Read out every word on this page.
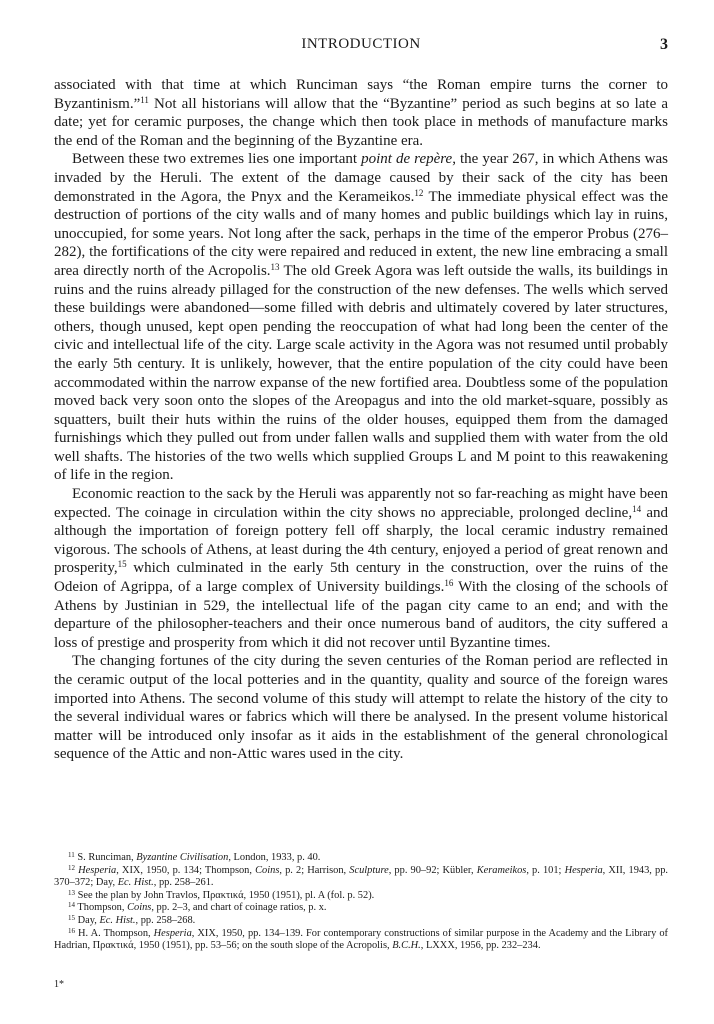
INTRODUCTION	3

associated with that time at which Runciman says “the Roman empire turns the corner to Byzantinism.”$^{11}$ Not all historians will allow that the “Byzantine” period as such begins at so late a date; yet for ceramic purposes, the change which then took place in methods of manufacture marks the end of the Roman and the beginning of the Byzantine era.

Between these two extremes lies one important point de repère, the year 267, in which Athens was invaded by the Heruli. The extent of the damage caused by their sack of the city has been demonstrated in the Agora, the Pnyx and the Kerameikos.$^{12}$ The immediate physical effect was the destruction of portions of the city walls and of many homes and public buildings which lay in ruins, unoccupied, for some years. Not long after the sack, perhaps in the time of the emperor Probus (276–282), the fortifications of the city were repaired and reduced in extent, the new line embracing a small area directly north of the Acropolis.$^{13}$ The old Greek Agora was left outside the walls, its buildings in ruins and the ruins already pillaged for the construction of the new defenses. The wells which served these buildings were abandoned—some filled with debris and ultimately covered by later structures, others, though unused, kept open pending the reoccupation of what had long been the center of the civic and intellectual life of the city. Large scale activity in the Agora was not resumed until probably the early 5th century. It is unlikely, however, that the entire population of the city could have been accommodated within the narrow expanse of the new fortified area. Doubtless some of the population moved back very soon onto the slopes of the Areopagus and into the old market-square, possibly as squatters, built their huts within the ruins of the older houses, equipped them from the damaged furnishings which they pulled out from under fallen walls and supplied them with water from the old well shafts. The histories of the two wells which supplied Groups L and M point to this reawakening of life in the region.

Economic reaction to the sack by the Heruli was apparently not so far-reaching as might have been expected. The coinage in circulation within the city shows no appreciable, prolonged decline,$^{14}$ and although the importation of foreign pottery fell off sharply, the local ceramic industry remained vigorous. The schools of Athens, at least during the 4th century, enjoyed a period of great renown and prosperity,$^{15}$ which culminated in the early 5th century in the construction, over the ruins of the Odeion of Agrippa, of a large complex of University buildings.$^{16}$ With the closing of the schools of Athens by Justinian in 529, the intellectual life of the pagan city came to an end; and with the departure of the philosopher-teachers and their once numerous band of auditors, the city suffered a loss of prestige and prosperity from which it did not recover until Byzantine times.

The changing fortunes of the city during the seven centuries of the Roman period are reflected in the ceramic output of the local potteries and in the quantity, quality and source of the foreign wares imported into Athens. The second volume of this study will attempt to relate the history of the city to the several individual wares or fabrics which will there be analysed. In the present volume historical matter will be introduced only insofar as it aids in the establishment of the general chronological sequence of the Attic and non-Attic wares used in the city.

$^{11}$ S. Runciman, Byzantine Civilisation, London, 1933, p. 40.

$^{12}$ Hesperia, XIX, 1950, p. 134; Thompson, Coins, p. 2; Harrison, Sculpture, pp. 90–92; Kübler, Kerameikos, p. 101; Hesperia, XII, 1943, pp. 370–372; Day, Ec. Hist., pp. 258–261.

$^{13}$ See the plan by John Travlos, Πρακτικά, 1950 (1951), pl. A (fol. p. 52).

$^{14}$ Thompson, Coins, pp. 2–3, and chart of coinage ratios, p. x.

$^{15}$ Day, Ec. Hist., pp. 258–268.

$^{16}$ H. A. Thompson, Hesperia, XIX, 1950, pp. 134–139. For contemporary constructions of similar purpose in the Academy and the Library of Hadrian, Πρακτικά, 1950 (1951), pp. 53–56; on the south slope of the Acropolis, B.C.H., LXXX, 1956, pp. 232–234.

1*
